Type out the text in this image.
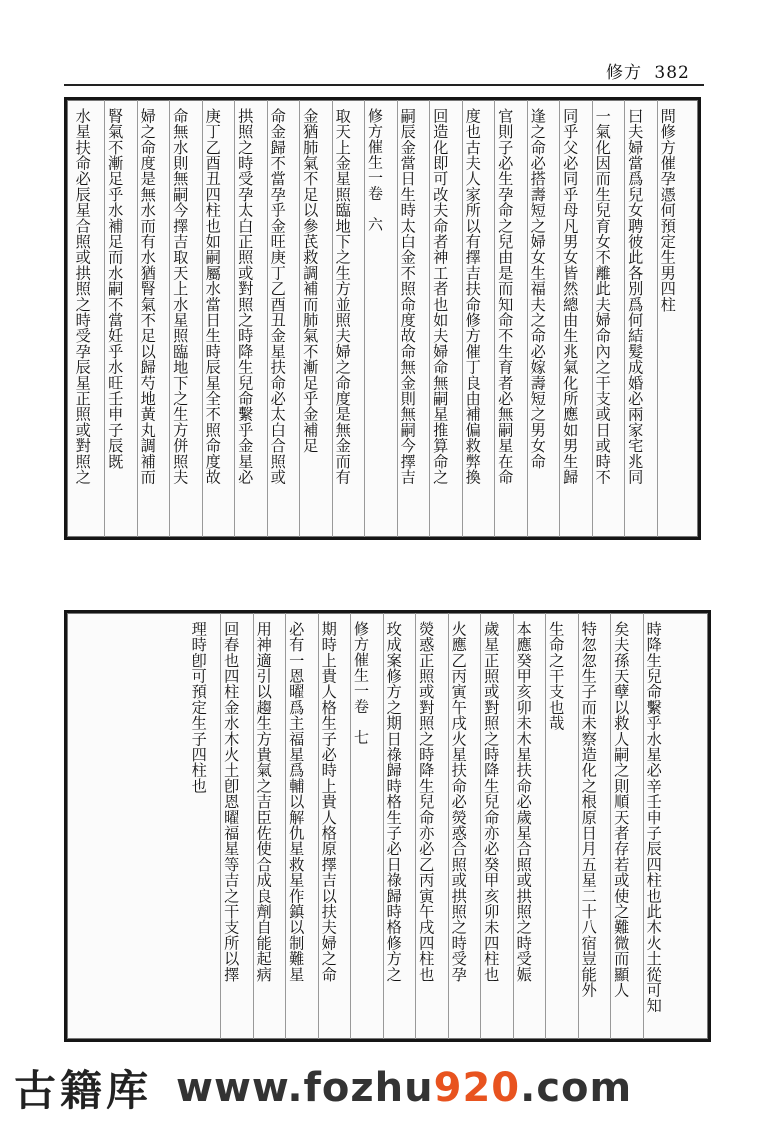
修方 382
問修方催孕憑何預定生男四柱
曰夫婦當爲兒女聘彼此各別爲何結髮成婚必兩家宅兆同
一氣化因而生兒育女不離此夫婦命內之干支或日或時不
同乎父必同乎母凡男女皆然總由生兆氣化所應如男生歸
逢之命必搭壽短之婦女生福夫之命必嫁壽短之男女命
官則子必生孕命之兒由是而知命不生育者必無嗣星在命
度也古夫人家所以有擇吉扶命修方催丁良由補偏救弊換
回造化即可改夫命者神工者也如夫婦命無嗣星推算命之
嗣辰金當日生時太白金不照命度故命無金則無嗣今擇吉
修方催生一卷　六
取天上金星照臨地下之生方並照夫婦之命度是無金而有
金猶肺氣不足以參芪救調補而肺氣不漸足乎金補足
命金歸不當孕乎金旺庚丁乙酉丑金星扶命必太白合照或
拱照之時受孕太白正照或對照之時降生兒命繫乎金星必
庚丁乙酉丑四柱也如嗣屬水當日生時辰星全不照命度故
命無水則無嗣今擇吉取天上水星照臨地下之生方併照夫
婦之命度是無水而有水猶腎氣不足以歸芍地黃丸調補而
腎氣不漸足乎水補足而水嗣不當妊乎水旺壬申子辰既
水星扶命必辰星合照或拱照之時受孕辰星正照或對照之
時降生兒命繫乎水星必辛壬申子辰四柱也此木火土從可知
矣夫孫天孽以救人嗣之則順天者存若或使之難微而顯人
特忽忽生子而未察造化之根原日月五星二十八宿豈能外
生命之干支也哉
本應癸甲亥卯未木星扶命必歲星合照或拱照之時受娠
歲星正照或對照之時降生兒命亦必癸甲亥卯未四柱也
火應乙丙寅午戌火星扶命必熒惑合照或拱照之時受孕
熒惑正照或對照之時降生兒命亦必乙丙寅午戌四柱也
玫成案修方之期日祿歸時格生子必日祿歸時格修方之
修方催生一卷　七
期時上貴人格生子必時上貴人格原擇吉以扶夫婦之命
必有一恩曜爲主福星爲輔以解仇星救星作鎮以制難星
用神適引以趨生方貴氣之吉臣佐使合成良劑自能起病
回春也四柱金水木火土卽恩曜福星等吉之干支所以擇
理時卽可預定生子四柱也
古籍库 www.fozhu920.com
